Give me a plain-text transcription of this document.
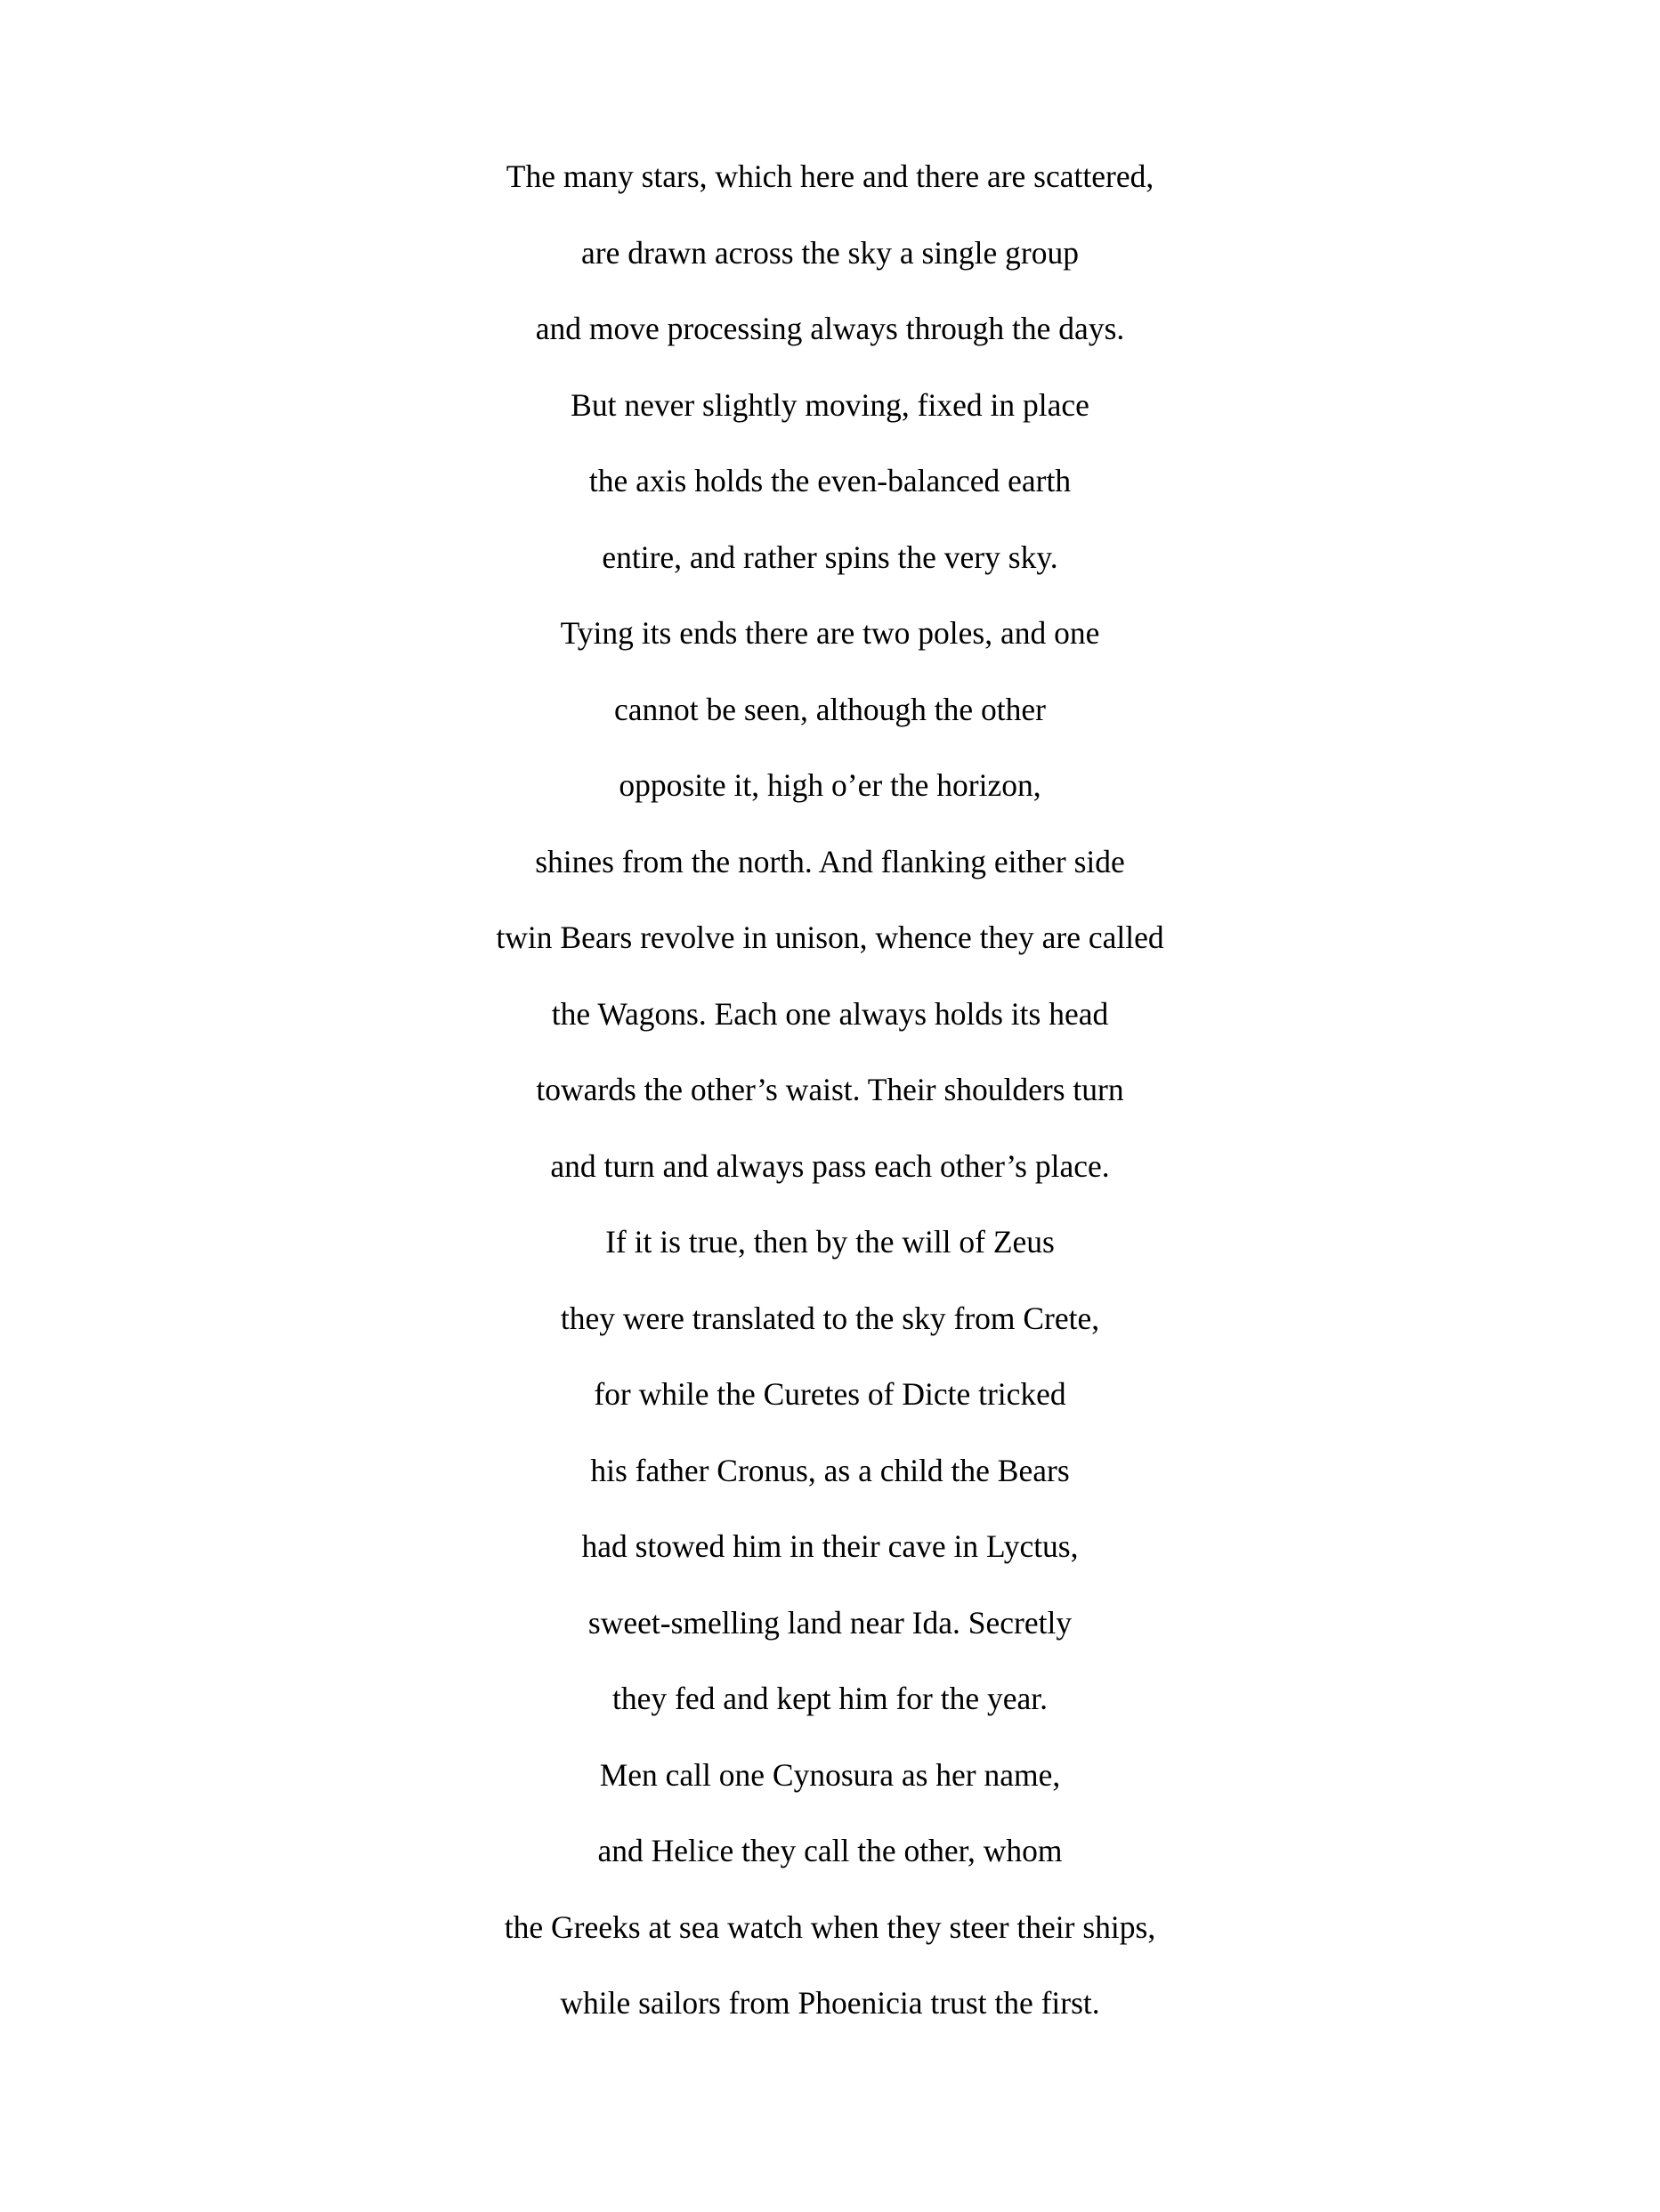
The many stars, which here and there are scattered,
are drawn across the sky a single group
and move processing always through the days.
But never slightly moving, fixed in place
the axis holds the even-balanced earth
entire, and rather spins the very sky.
Tying its ends there are two poles, and one
cannot be seen, although the other
opposite it, high o’er the horizon,
shines from the north. And flanking either side
twin Bears revolve in unison, whence they are called
the Wagons. Each one always holds its head
towards the other’s waist. Their shoulders turn
and turn and always pass each other’s place.
If it is true, then by the will of Zeus
they were translated to the sky from Crete,
for while the Curetes of Dicte tricked
his father Cronus, as a child the Bears
had stowed him in their cave in Lyctus,
sweet-smelling land near Ida. Secretly
they fed and kept him for the year.
Men call one Cynosura as her name,
and Helice they call the other, whom
the Greeks at sea watch when they steer their ships,
while sailors from Phoenicia trust the first.
